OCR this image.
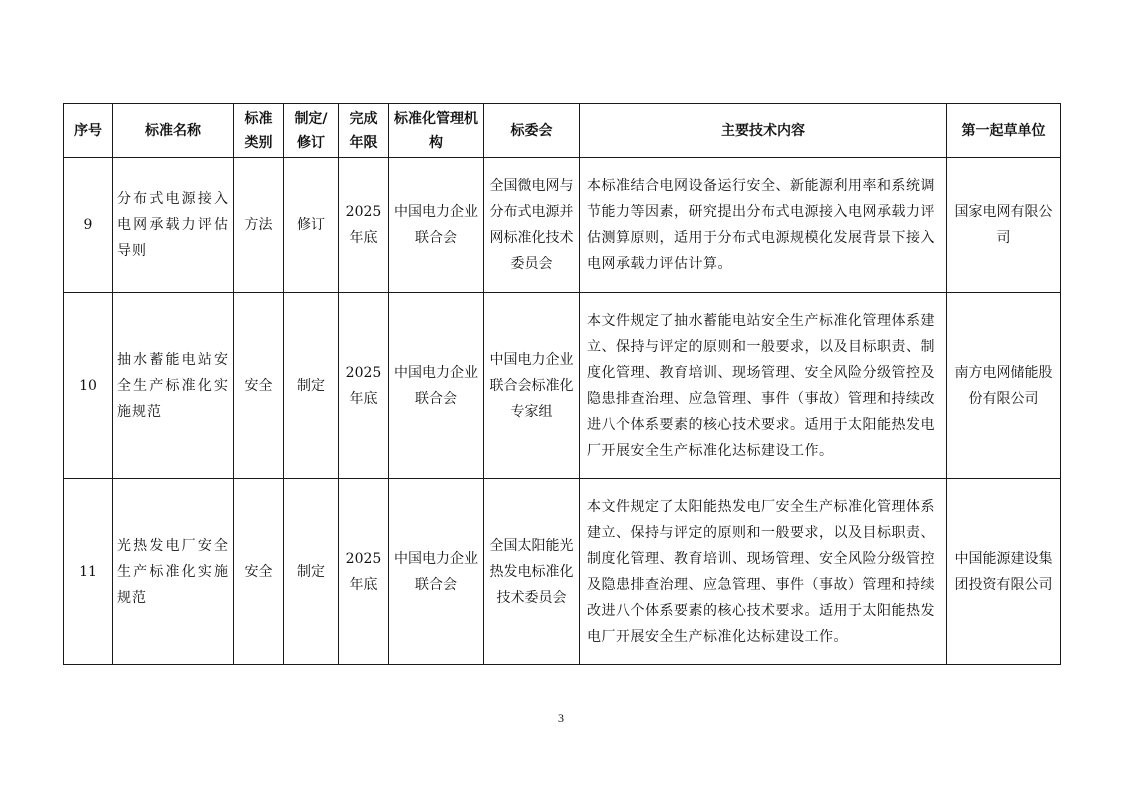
序号	标准名称	标准类别	制定/修订	完成年限	标准化管理机构	标委会	主要技术内容	第一起草单位
9	分布式电源接入电网承载力评估导则	方法	修订	2025年底	中国电力企业联合会	全国微电网与分布式电源并网标准化技术委员会	本标准结合电网设备运行安全、新能源利用率和系统调节能力等因素，研究提出分布式电源接入电网承载力评估测算原则，适用于分布式电源规模化发展背景下接入电网承载力评估计算。	国家电网有限公司
10	抽水蓄能电站安全生产标准化实施规范	安全	制定	2025年底	中国电力企业联合会	中国电力企业联合会标准化专家组	本文件规定了抽水蓄能电站安全生产标准化管理体系建立、保持与评定的原则和一般要求，以及目标职责、制度化管理、教育培训、现场管理、安全风险分级管控及隐患排查治理、应急管理、事件（事故）管理和持续改进八个体系要素的核心技术要求。适用于太阳能热发电厂开展安全生产标准化达标建设工作。	南方电网储能股份有限公司
11	光热发电厂安全生产标准化实施规范	安全	制定	2025年底	中国电力企业联合会	全国太阳能光热发电标准化技术委员会	本文件规定了太阳能热发电厂安全生产标准化管理体系建立、保持与评定的原则和一般要求，以及目标职责、制度化管理、教育培训、现场管理、安全风险分级管控及隐患排查治理、应急管理、事件（事故）管理和持续改进八个体系要素的核心技术要求。适用于太阳能热发电厂开展安全生产标准化达标建设工作。	中国能源建设集团投资有限公司
3
